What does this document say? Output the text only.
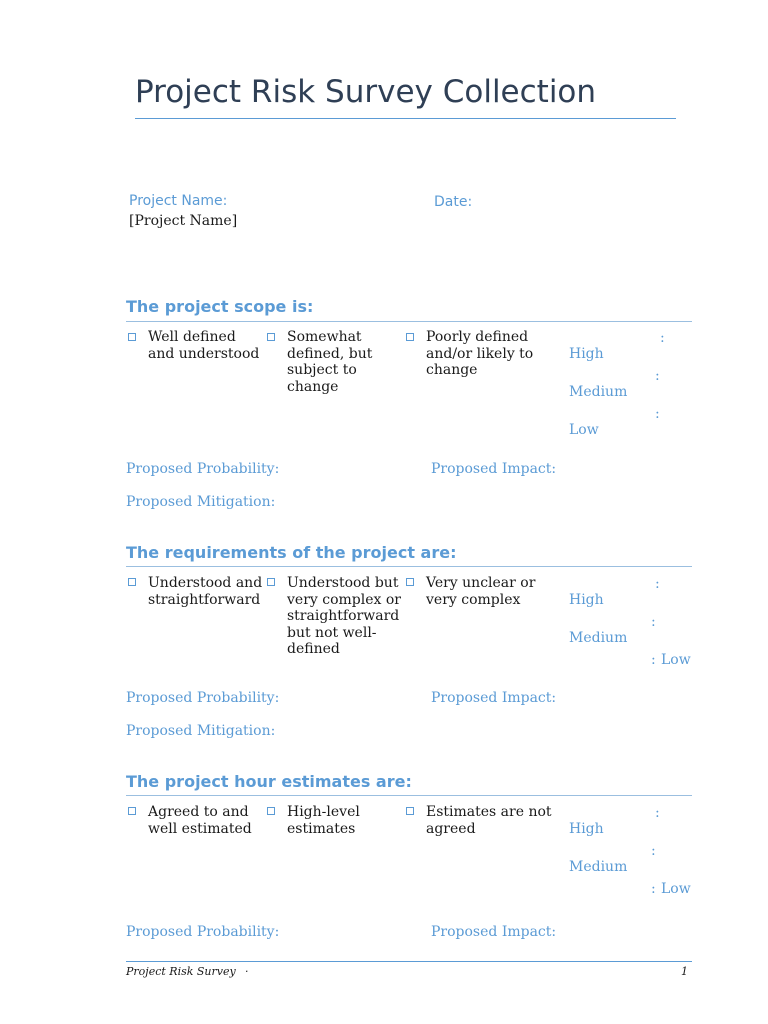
Project Risk Survey Collection
Project Name:
[Project Name]
Date:
The project scope is:
Well defined and understood
Somewhat defined, but subject to change
Poorly defined and/or likely to change
:
High
:
Medium
:
Low
Proposed Probability:	Proposed Impact:
Proposed Mitigation:
The requirements of the project are:
Understood and straightforward
Understood but very complex or straightforward but not well-defined
Very unclear or very complex
:
High
:
Medium
: Low
Proposed Probability:	Proposed Impact:
Proposed Mitigation:
The project hour estimates are:
Agreed to and well estimated
High-level estimates
Estimates are not agreed
:
High
:
Medium
: Low
Proposed Probability:	Proposed Impact:
Project Risk Survey ·	1
